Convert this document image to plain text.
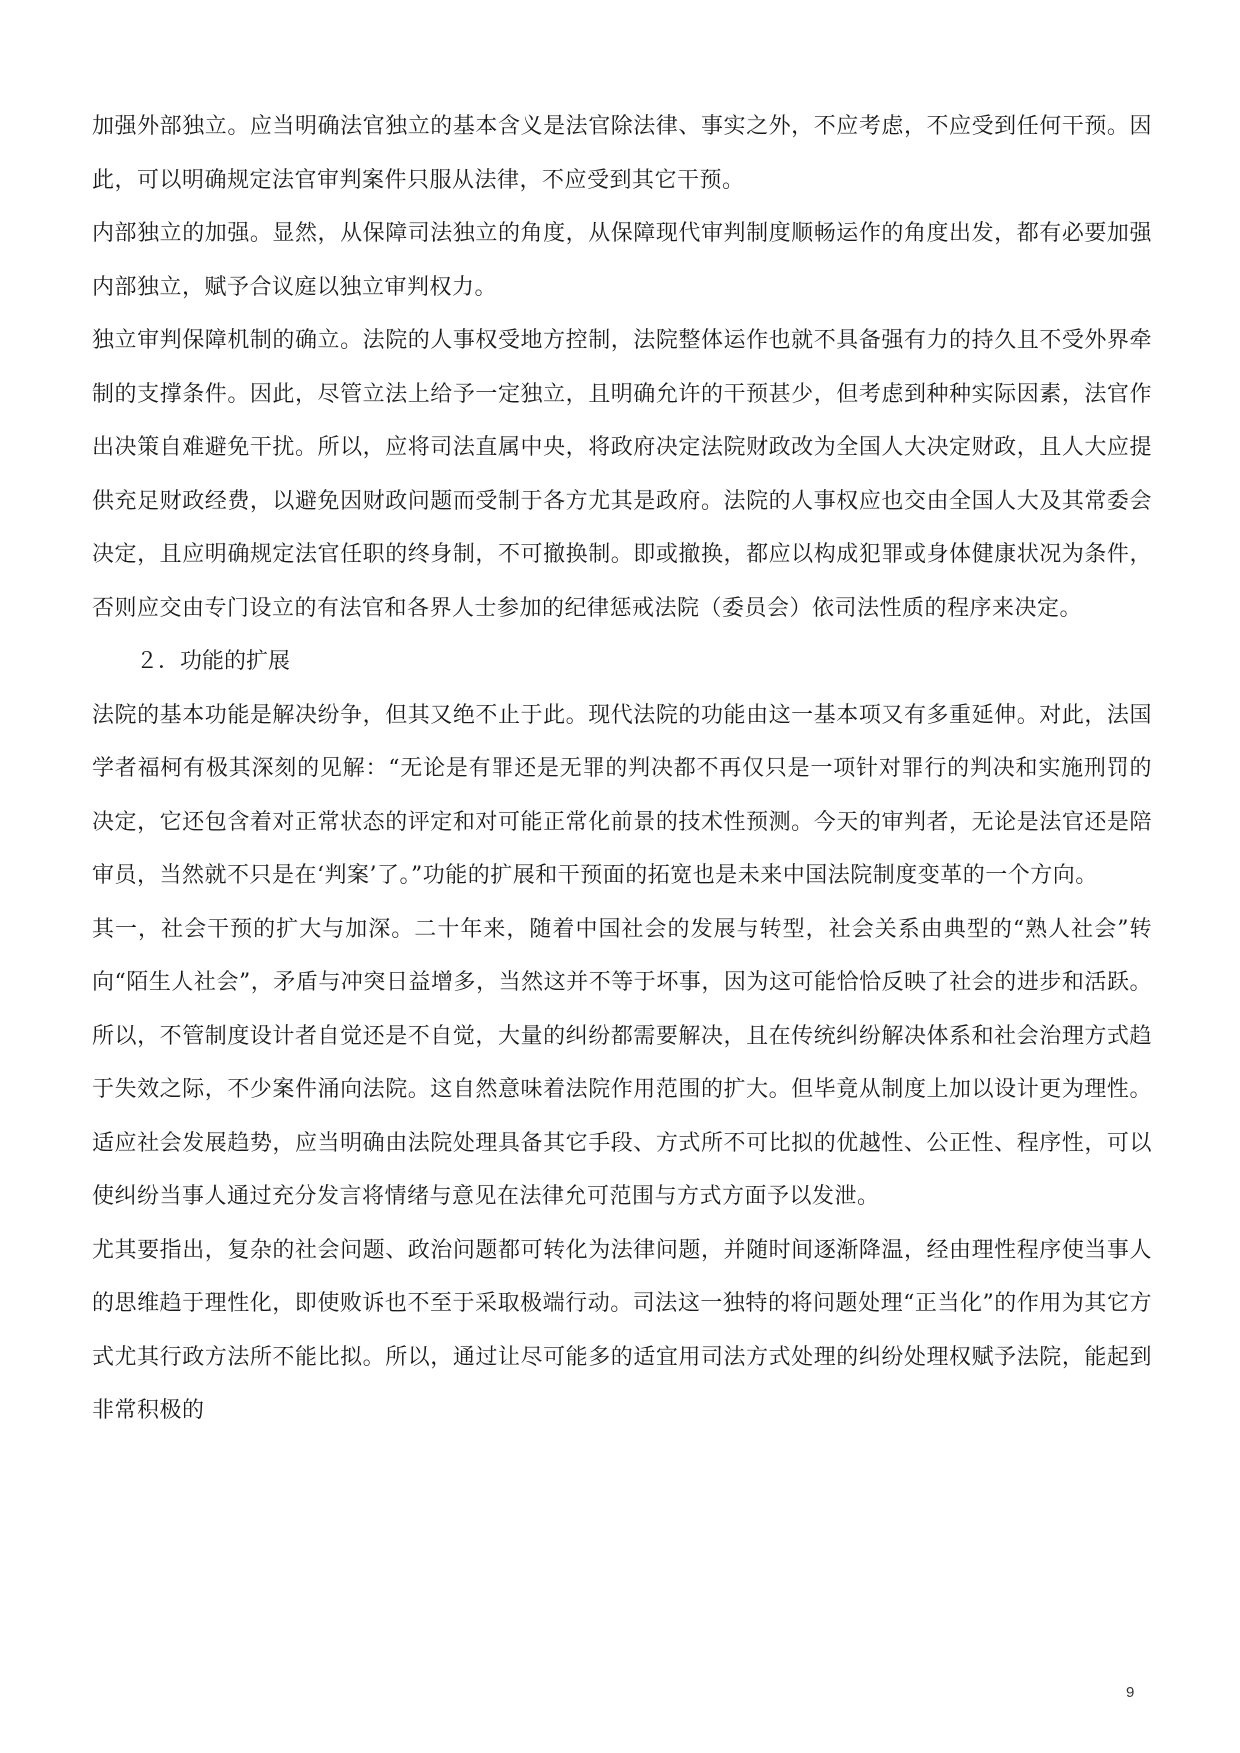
加强外部独立。应当明确法官独立的基本含义是法官除法律、事实之外，不应考虑，不应受到任何干预。因此，可以明确规定法官审判案件只服从法律，不应受到其它干预。

内部独立的加强。显然，从保障司法独立的角度，从保障现代审判制度顺畅运作的角度出发，都有必要加强内部独立，赋予合议庭以独立审判权力。

独立审判保障机制的确立。法院的人事权受地方控制，法院整体运作也就不具备强有力的持久且不受外界牵制的支撑条件。因此，尽管立法上给予一定独立，且明确允许的干预甚少，但考虑到种种实际因素，法官作出决策自难避免干扰。所以，应将司法直属中央，将政府决定法院财政改为全国人大决定财政，且人大应提供充足财政经费，以避免因财政问题而受制于各方尤其是政府。法院的人事权应也交由全国人大及其常委会决定，且应明确规定法官任职的终身制，不可撤换制。即或撤换，都应以构成犯罪或身体健康状况为条件，否则应交由专门设立的有法官和各界人士参加的纪律惩戒法院（委员会）依司法性质的程序来决定。

２．功能的扩展

法院的基本功能是解决纷争，但其又绝不止于此。现代法院的功能由这一基本项又有多重延伸。对此，法国学者福柯有极其深刻的见解：“无论是有罪还是无罪的判决都不再仅只是一项针对罪行的判决和实施刑罚的决定，它还包含着对正常状态的评定和对可能正常化前景的技术性预测。今天的审判者，无论是法官还是陪审员，当然就不只是在‘判案’了。”功能的扩展和干预面的拓宽也是未来中国法院制度变革的一个方向。

其一，社会干预的扩大与加深。二十年来，随着中国社会的发展与转型，社会关系由典型的“熟人社会”转向“陌生人社会”，矛盾与冲突日益增多，当然这并不等于坏事，因为这可能恰恰反映了社会的进步和活跃。所以，不管制度设计者自觉还是不自觉，大量的纠纷都需要解决，且在传统纠纷解决体系和社会治理方式趋于失效之际，不少案件涌向法院。这自然意味着法院作用范围的扩大。但毕竟从制度上加以设计更为理性。适应社会发展趋势，应当明确由法院处理具备其它手段、方式所不可比拟的优越性、公正性、程序性，可以使纠纷当事人通过充分发言将情绪与意见在法律允可范围与方式方面予以发泄。

尤其要指出，复杂的社会问题、政治问题都可转化为法律问题，并随时间逐渐降温，经由理性程序使当事人的思维趋于理性化，即使败诉也不至于采取极端行动。司法这一独特的将问题处理“正当化”的作用为其它方式尤其行政方法所不能比拟。所以，通过让尽可能多的适宜用司法方式处理的纠纷处理权赋予法院，能起到非常积极的

9
